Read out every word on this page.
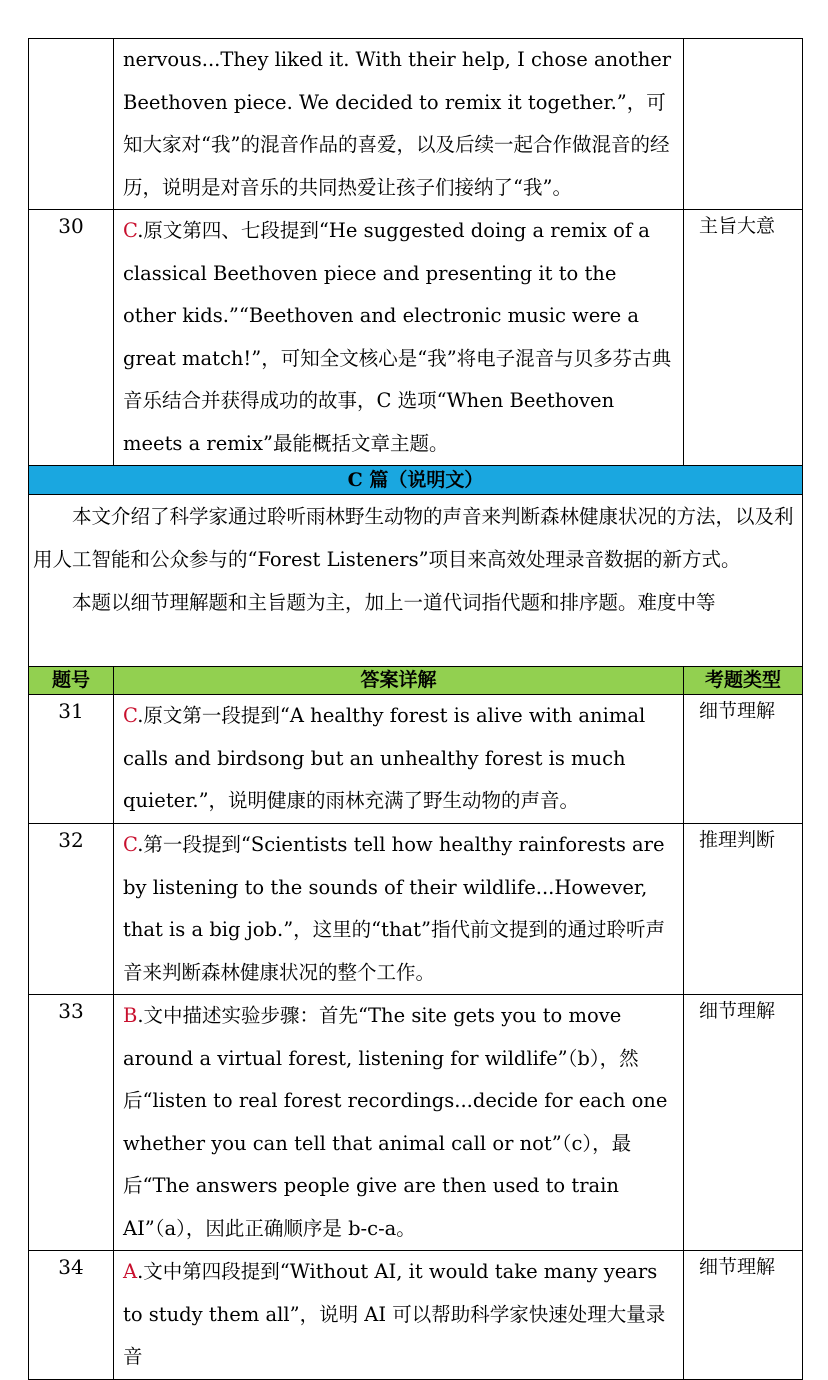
	nervous...They liked it. With their help, I chose another Beethoven piece. We decided to remix it together.”，可知大家对“我”的混音作品的喜爱，以及后续一起合作做混音的经历，说明是对音乐的共同热爱让孩子们接纳了“我”。	
30	C.原文第四、七段提到“He suggested doing a remix of a classical Beethoven piece and presenting it to the other kids.”“Beethoven and electronic music were a great match!”，可知全文核心是“我”将电子混音与贝多芬古典音乐结合并获得成功的故事，C 选项“When Beethoven meets a remix”最能概括文章主题。	主旨大意
C 篇（说明文）		

本文介绍了科学家通过聆听雨林野生动物的声音来判断森林健康状况的方法，以及利用人工智能和公众参与的“Forest Listeners”项目来高效处理录音数据的新方式。

本题以细节理解题和主旨题为主，加上一道代词指代题和排序题。难度中等		

题号	答案详解	考题类型
31	C.原文第一段提到“A healthy forest is alive with animal calls and birdsong but an unhealthy forest is much quieter.”，说明健康的雨林充满了野生动物的声音。	细节理解
32	C.第一段提到“Scientists tell how healthy rainforests are by listening to the sounds of their wildlife...However, that is a big job.”，这里的“that”指代前文提到的通过聆听声音来判断森林健康状况的整个工作。	推理判断
33	B.文中描述实验步骤：首先“The site gets you to move around a virtual forest, listening for wildlife”（b），然后“listen to real forest recordings...decide for each one whether you can tell that animal call or not”（c），最后“The answers people give are then used to train AI”（a），因此正确顺序是 b-c-a。	细节理解
34	A.文中第四段提到“Without AI, it would take many years to study them all”，说明 AI 可以帮助科学家快速处理大量录音	细节理解
